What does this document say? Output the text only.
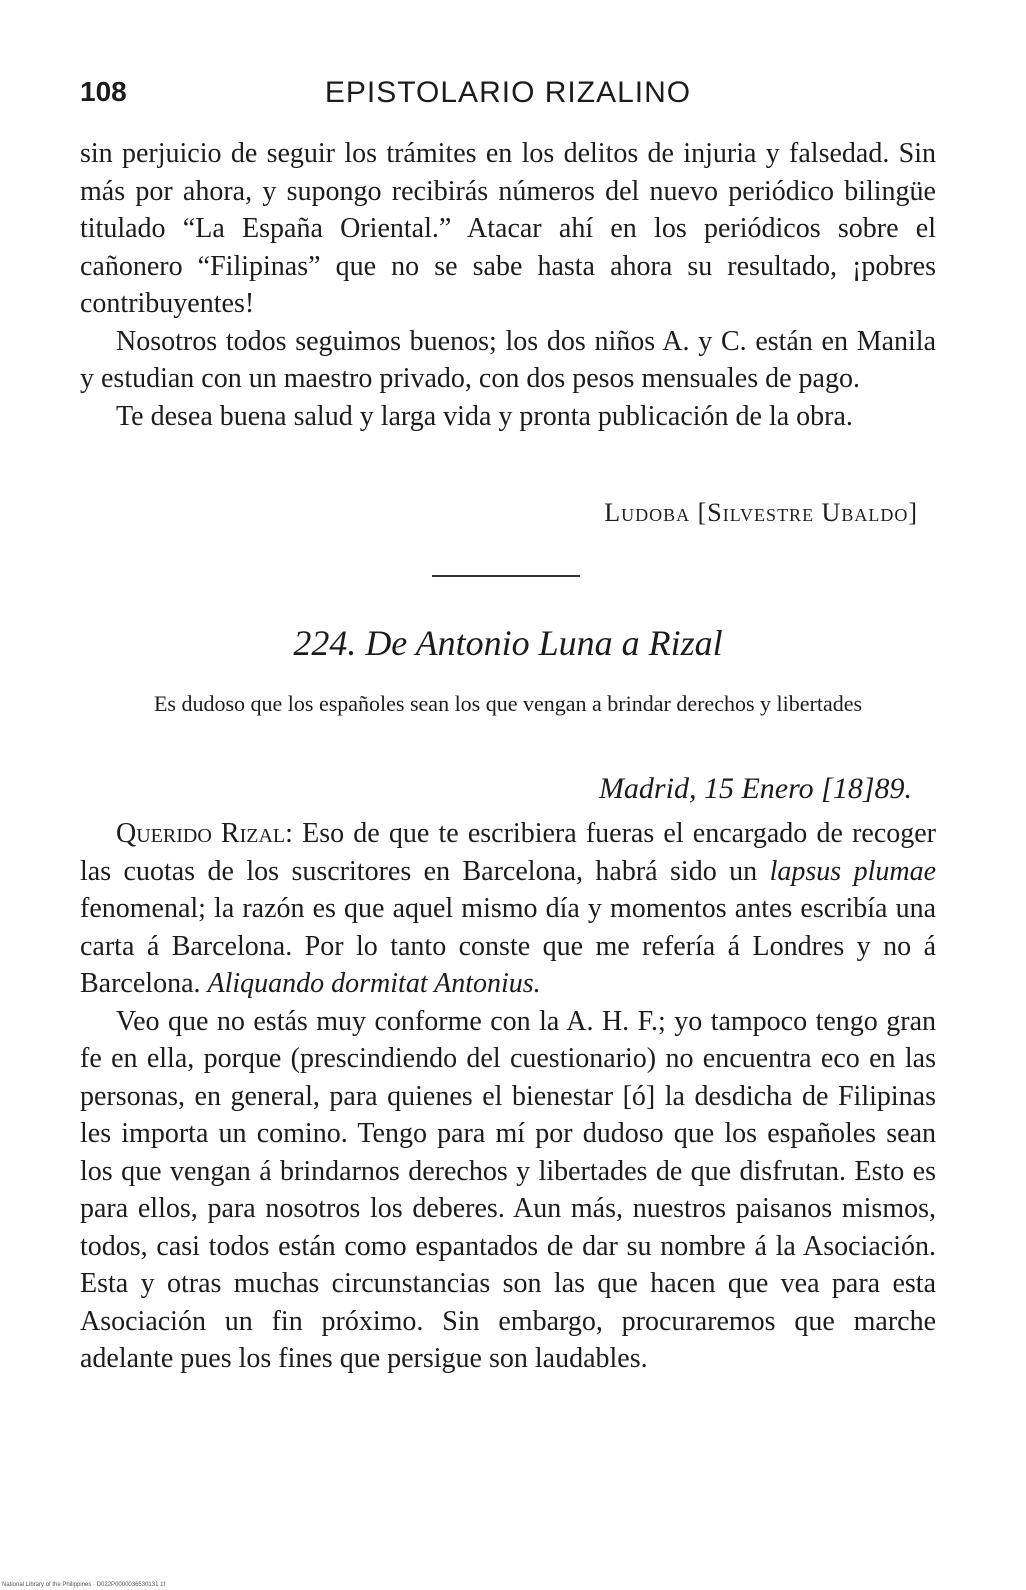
108	EPISTOLARIO RIZALINO

sin perjuicio de seguir los trámites en los delitos de injuria y falsedad. Sin más por ahora, y supongo recibirás números del nuevo periódico bilingüe titulado “La España Oriental.” Atacar ahí en los periódicos sobre el cañonero “Filipinas” que no se sabe hasta ahora su resultado, ¡pobres contribuyentes!

Nosotros todos seguimos buenos; los dos niños A. y C. están en Manila y estudian con un maestro privado, con dos pesos mensuales de pago.

Te desea buena salud y larga vida y pronta publicación de la obra.

Ludoba [Silvestre Ubaldo]
224. De Antonio Luna a Rizal
Es dudoso que los españoles sean los que vengan a brindar derechos y libertades
Madrid, 15 Enero [18]89.

Querido Rizal: Eso de que te escribiera fueras el encargado de recoger las cuotas de los suscritores en Barcelona, habrá sido un lapsus plumae fenomenal; la razón es que aquel mismo día y momentos antes escribía una carta á Barcelona. Por lo tanto conste que me refería á Londres y no á Barcelona. Aliquando dormitat Antonius.

Veo que no estás muy conforme con la A. H. F.; yo tampoco tengo gran fe en ella, porque (prescindiendo del cuestionario) no encuentra eco en las personas, en general, para quienes el bienestar [ó] la desdicha de Filipinas les importa un comino. Tengo para mí por dudoso que los españoles sean los que vengan á brindarnos derechos y libertades de que disfrutan. Esto es para ellos, para nosotros los deberes. Aun más, nuestros paisanos mismos, todos, casi todos están como espantados de dar su nombre á la Asociación. Esta y otras muchas circunstancias son las que hacen que vea para esta Asociación un fin próximo. Sin embargo, procuraremos que marche adelante pues los fines que persigue son laudables.

National Library of the Philippines · D022P0000036530131 1f
